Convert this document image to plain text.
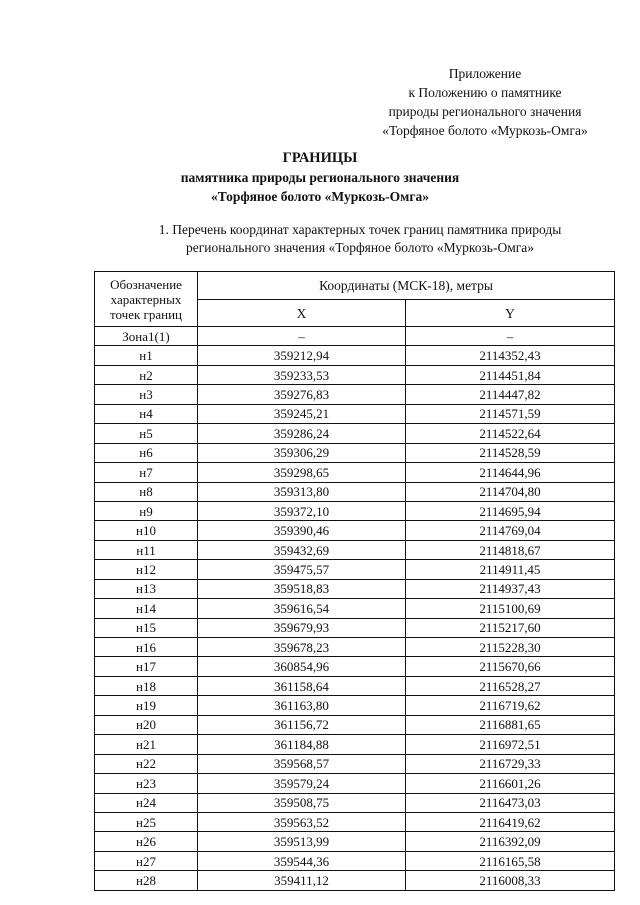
Приложение
к Положению о памятнике
природы регионального значения
«Торфяное болото «Муркозь-Омга»
ГРАНИЦЫ
памятника природы регионального значения
«Торфяное болото «Муркозь-Омга»
1. Перечень координат характерных точек границ памятника природы
регионального значения «Торфяное болото «Муркозь-Омга»
Обозначение характерных точек границ	Координаты (МСК-18), метры	
	X	Y
Зона1(1)	–	–
н1	359212,94	2114352,43
н2	359233,53	2114451,84
н3	359276,83	2114447,82
н4	359245,21	2114571,59
н5	359286,24	2114522,64
н6	359306,29	2114528,59
н7	359298,65	2114644,96
н8	359313,80	2114704,80
н9	359372,10	2114695,94
н10	359390,46	2114769,04
н11	359432,69	2114818,67
н12	359475,57	2114911,45
н13	359518,83	2114937,43
н14	359616,54	2115100,69
н15	359679,93	2115217,60
н16	359678,23	2115228,30
н17	360854,96	2115670,66
н18	361158,64	2116528,27
н19	361163,80	2116719,62
н20	361156,72	2116881,65
н21	361184,88	2116972,51
н22	359568,57	2116729,33
н23	359579,24	2116601,26
н24	359508,75	2116473,03
н25	359563,52	2116419,62
н26	359513,99	2116392,09
н27	359544,36	2116165,58
н28	359411,12	2116008,33
